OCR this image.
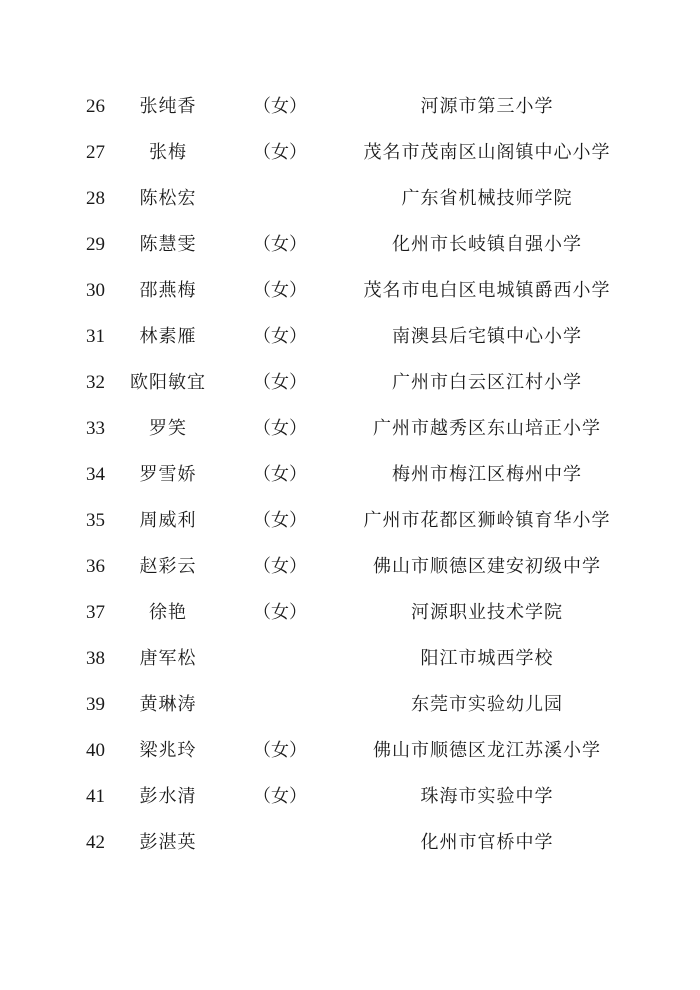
26 张纯香	（女）	河源市第三小学
27 张梅	（女）	茂名市茂南区山阁镇中心小学
28 陈松宏	广东省机械技师学院
29 陈慧雯	（女）	化州市长岐镇自强小学
30 邵燕梅	（女）	茂名市电白区电城镇爵西小学
31 林素雁	（女）	南澳县后宅镇中心小学
32 欧阳敏宜	（女）	广州市白云区江村小学
33 罗笑	（女）	广州市越秀区东山培正小学
34 罗雪娇	（女）	梅州市梅江区梅州中学
35 周威利	（女）	广州市花都区狮岭镇育华小学
36 赵彩云	（女）	佛山市顺德区建安初级中学
37 徐艳	（女）	河源职业技术学院
38 唐军松	阳江市城西学校
39 黄琳涛	东莞市实验幼儿园
40 梁兆玲	（女）	佛山市顺德区龙江苏溪小学
41 彭水清	（女）	珠海市实验中学
42 彭湛英	化州市官桥中学
